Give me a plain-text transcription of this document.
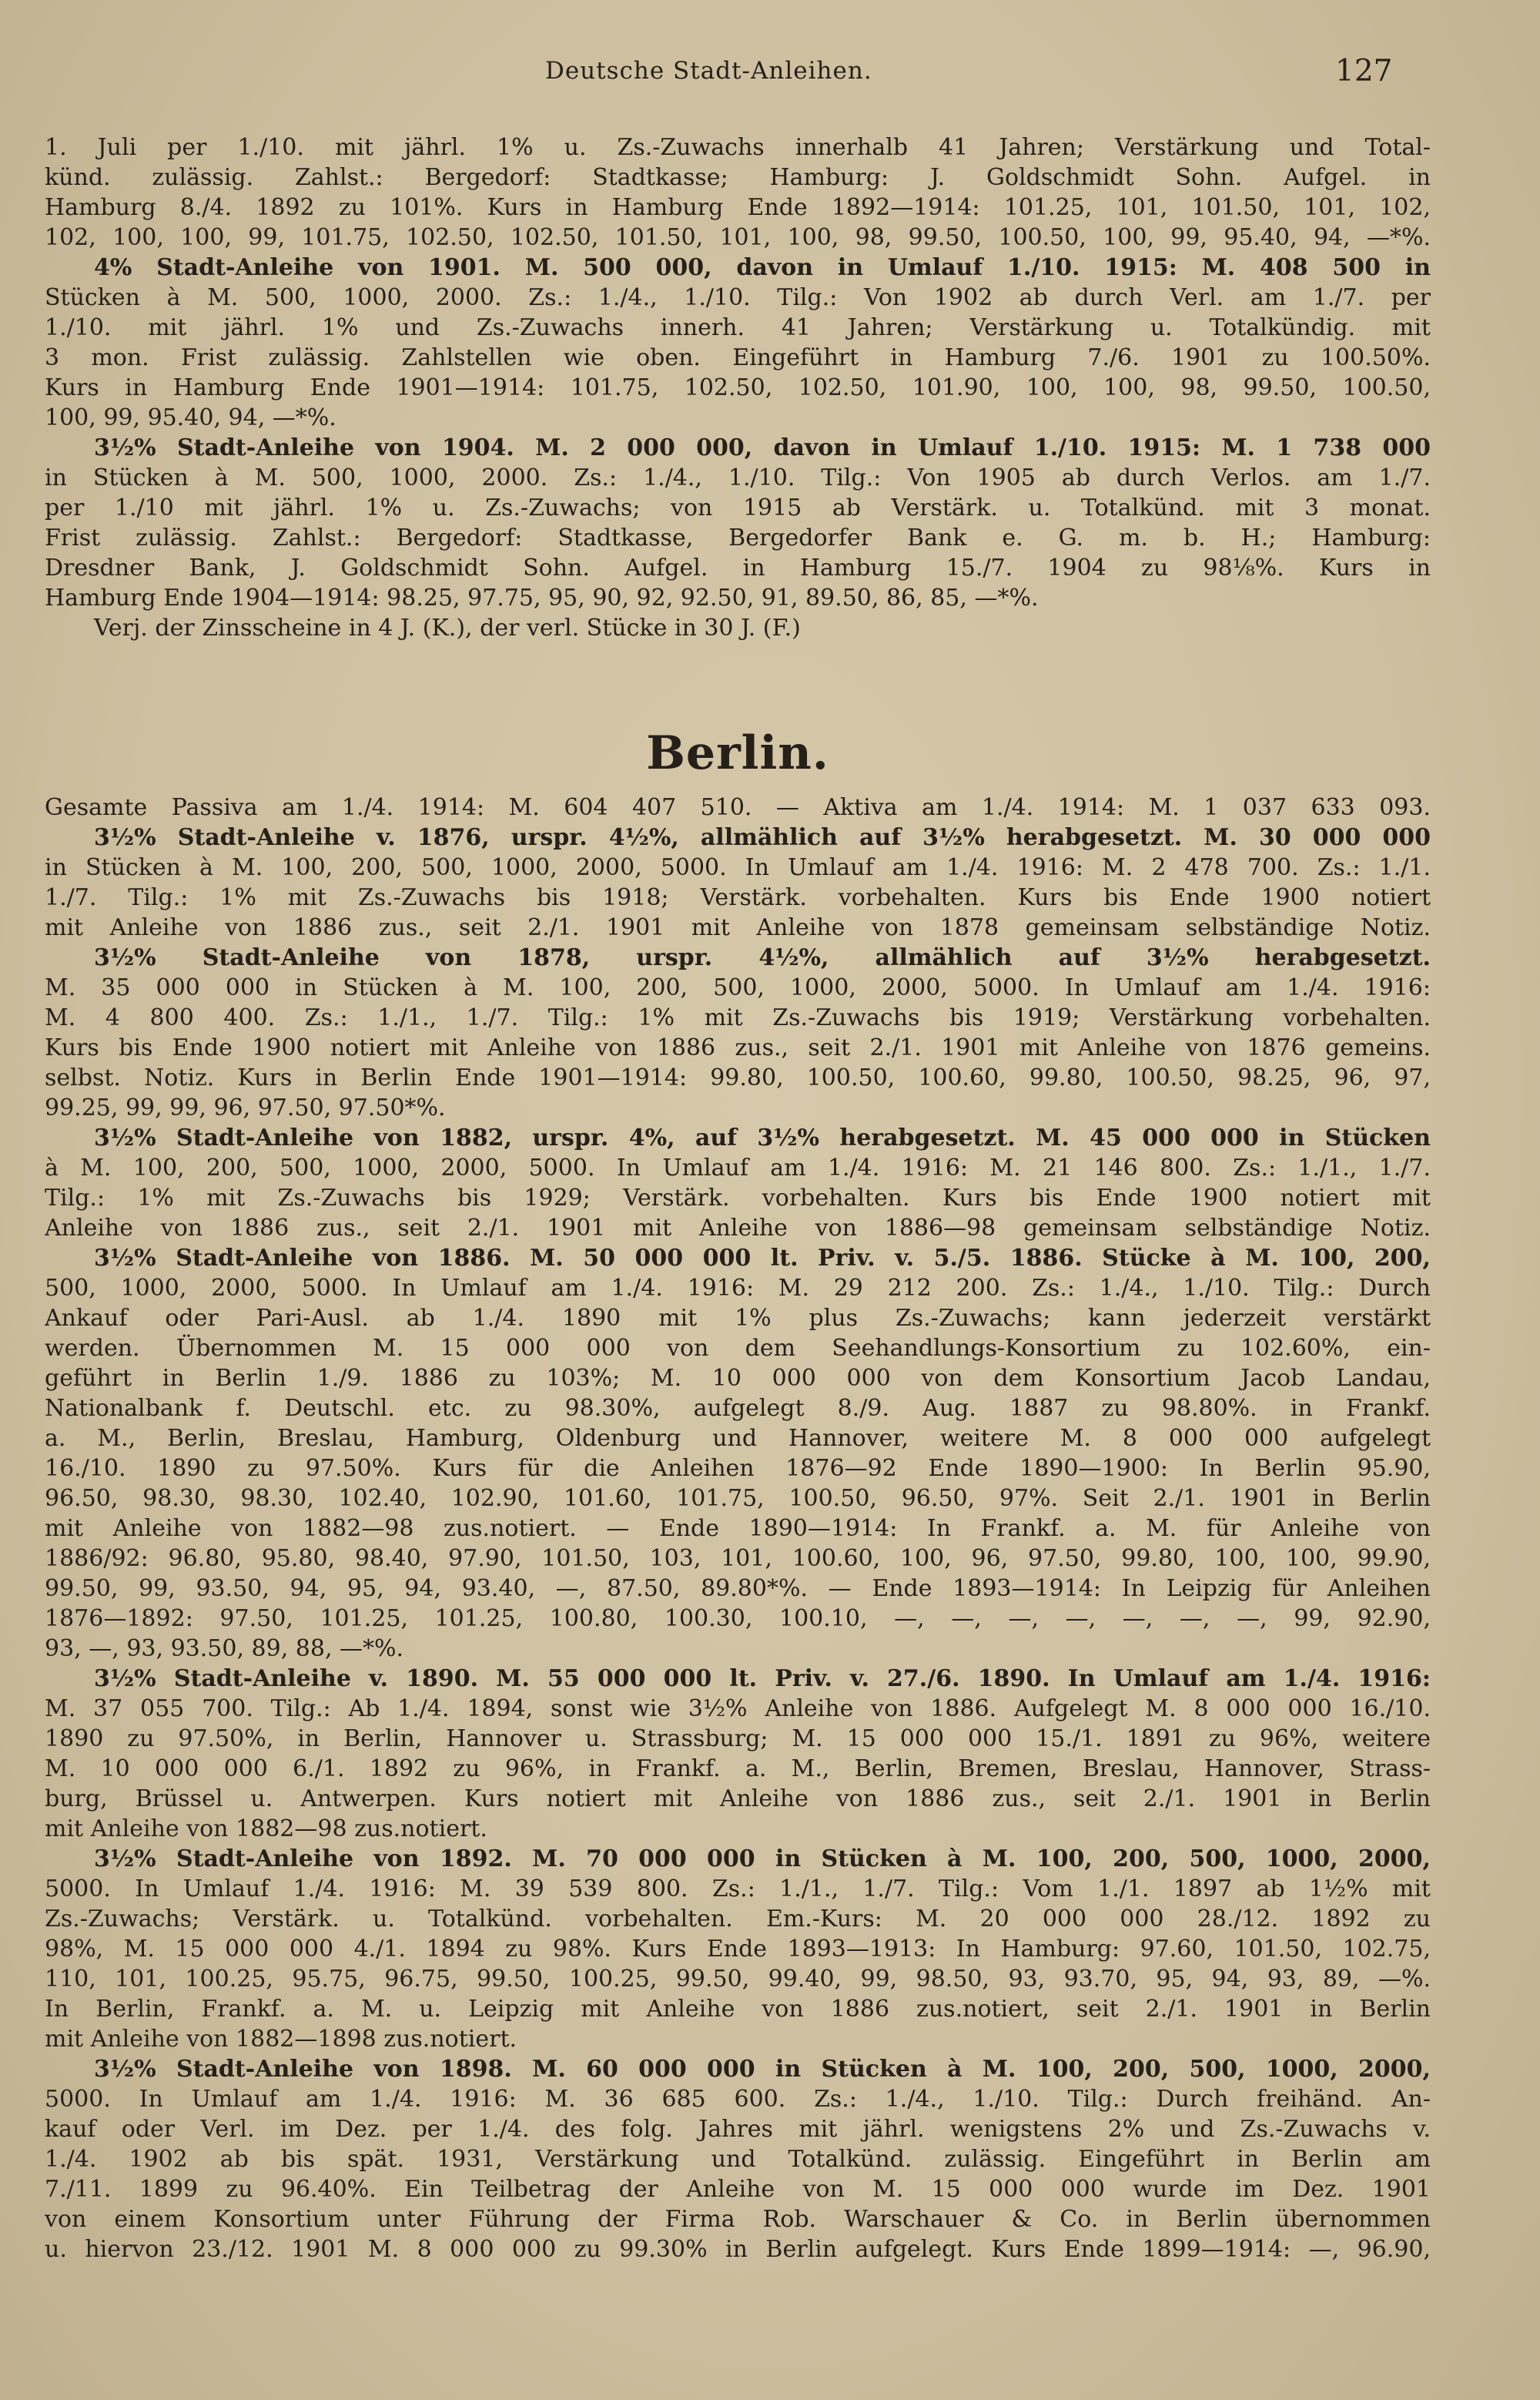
Deutsche Stadt-Anleihen.	127
1. Juli per 1./10. mit jährl. 1% u. Zs.-Zuwachs innerhalb 41 Jahren; Verstärkung und Total-
künd. zulässig. Zahlst.: Bergedorf: Stadtkasse; Hamburg: J. Goldschmidt Sohn. Aufgel. in
Hamburg 8./4. 1892 zu 101%. Kurs in Hamburg Ende 1892—1914: 101.25, 101, 101.50, 101, 102,
102, 100, 100, 99, 101.75, 102.50, 102.50, 101.50, 101, 100, 98, 99.50, 100.50, 100, 99, 95.40, 94, —*%.
4% Stadt-Anleihe von 1901. M. 500 000, davon in Umlauf 1./10. 1915: M. 408 500 in
Stücken à M. 500, 1000, 2000. Zs.: 1./4., 1./10. Tilg.: Von 1902 ab durch Verl. am 1./7. per
1./10. mit jährl. 1% und Zs.-Zuwachs innerh. 41 Jahren; Verstärkung u. Totalkündig. mit
3 mon. Frist zulässig. Zahlstellen wie oben. Eingeführt in Hamburg 7./6. 1901 zu 100.50%.
Kurs in Hamburg Ende 1901—1914: 101.75, 102.50, 102.50, 101.90, 100, 100, 98, 99.50, 100.50,
100, 99, 95.40, 94, —*%.
3½% Stadt-Anleihe von 1904. M. 2 000 000, davon in Umlauf 1./10. 1915: M. 1 738 000
in Stücken à M. 500, 1000, 2000. Zs.: 1./4., 1./10. Tilg.: Von 1905 ab durch Verlos. am 1./7.
per 1./10 mit jährl. 1% u. Zs.-Zuwachs; von 1915 ab Verstärk. u. Totalkünd. mit 3 monat.
Frist zulässig. Zahlst.: Bergedorf: Stadtkasse, Bergedorfer Bank e. G. m. b. H.; Hamburg:
Dresdner Bank, J. Goldschmidt Sohn. Aufgel. in Hamburg 15./7. 1904 zu 98⅛%. Kurs in
Hamburg Ende 1904—1914: 98.25, 97.75, 95, 90, 92, 92.50, 91, 89.50, 86, 85, —*%.
Verj. der Zinsscheine in 4 J. (K.), der verl. Stücke in 30 J. (F.)
Berlin.
Gesamte Passiva am 1./4. 1914: M. 604 407 510. — Aktiva am 1./4. 1914: M. 1 037 633 093.
3½% Stadt-Anleihe v. 1876, urspr. 4½%, allmählich auf 3½% herabgesetzt. M. 30 000 000
in Stücken à M. 100, 200, 500, 1000, 2000, 5000. In Umlauf am 1./4. 1916: M. 2 478 700. Zs.: 1./1.
1./7. Tilg.: 1% mit Zs.-Zuwachs bis 1918; Verstärk. vorbehalten. Kurs bis Ende 1900 notiert
mit Anleihe von 1886 zus., seit 2./1. 1901 mit Anleihe von 1878 gemeinsam selbständige Notiz.
3½% Stadt-Anleihe von 1878, urspr. 4½%, allmählich auf 3½% herabgesetzt.
M. 35 000 000 in Stücken à M. 100, 200, 500, 1000, 2000, 5000. In Umlauf am 1./4. 1916:
M. 4 800 400. Zs.: 1./1., 1./7. Tilg.: 1% mit Zs.-Zuwachs bis 1919; Verstärkung vorbehalten.
Kurs bis Ende 1900 notiert mit Anleihe von 1886 zus., seit 2./1. 1901 mit Anleihe von 1876 gemeins.
selbst. Notiz. Kurs in Berlin Ende 1901—1914: 99.80, 100.50, 100.60, 99.80, 100.50, 98.25, 96, 97,
99.25, 99, 99, 96, 97.50, 97.50*%.
3½% Stadt-Anleihe von 1882, urspr. 4%, auf 3½% herabgesetzt. M. 45 000 000 in Stücken
à M. 100, 200, 500, 1000, 2000, 5000. In Umlauf am 1./4. 1916: M. 21 146 800. Zs.: 1./1., 1./7.
Tilg.: 1% mit Zs.-Zuwachs bis 1929; Verstärk. vorbehalten. Kurs bis Ende 1900 notiert mit
Anleihe von 1886 zus., seit 2./1. 1901 mit Anleihe von 1886—98 gemeinsam selbständige Notiz.
3½% Stadt-Anleihe von 1886. M. 50 000 000 lt. Priv. v. 5./5. 1886. Stücke à M. 100, 200,
500, 1000, 2000, 5000. In Umlauf am 1./4. 1916: M. 29 212 200. Zs.: 1./4., 1./10. Tilg.: Durch
Ankauf oder Pari-Ausl. ab 1./4. 1890 mit 1% plus Zs.-Zuwachs; kann jederzeit verstärkt
werden. Übernommen M. 15 000 000 von dem Seehandlungs-Konsortium zu 102.60%, ein-
geführt in Berlin 1./9. 1886 zu 103%; M. 10 000 000 von dem Konsortium Jacob Landau,
Nationalbank f. Deutschl. etc. zu 98.30%, aufgelegt 8./9. Aug. 1887 zu 98.80%. in Frankf.
a. M., Berlin, Breslau, Hamburg, Oldenburg und Hannover, weitere M. 8 000 000 aufgelegt
16./10. 1890 zu 97.50%. Kurs für die Anleihen 1876—92 Ende 1890—1900: In Berlin 95.90,
96.50, 98.30, 98.30, 102.40, 102.90, 101.60, 101.75, 100.50, 96.50, 97%. Seit 2./1. 1901 in Berlin
mit Anleihe von 1882—98 zus.notiert. — Ende 1890—1914: In Frankf. a. M. für Anleihe von
1886/92: 96.80, 95.80, 98.40, 97.90, 101.50, 103, 101, 100.60, 100, 96, 97.50, 99.80, 100, 100, 99.90,
99.50, 99, 93.50, 94, 95, 94, 93.40, —, 87.50, 89.80*%. — Ende 1893—1914: In Leipzig für Anleihen
1876—1892: 97.50, 101.25, 101.25, 100.80, 100.30, 100.10, —, —, —, —, —, —, —, 99, 92.90,
93, —, 93, 93.50, 89, 88, —*%.
3½% Stadt-Anleihe v. 1890. M. 55 000 000 lt. Priv. v. 27./6. 1890. In Umlauf am 1./4. 1916:
M. 37 055 700. Tilg.: Ab 1./4. 1894, sonst wie 3½% Anleihe von 1886. Aufgelegt M. 8 000 000 16./10.
1890 zu 97.50%, in Berlin, Hannover u. Strassburg; M. 15 000 000 15./1. 1891 zu 96%, weitere
M. 10 000 000 6./1. 1892 zu 96%, in Frankf. a. M., Berlin, Bremen, Breslau, Hannover, Strass-
burg, Brüssel u. Antwerpen. Kurs notiert mit Anleihe von 1886 zus., seit 2./1. 1901 in Berlin
mit Anleihe von 1882—98 zus.notiert.
3½% Stadt-Anleihe von 1892. M. 70 000 000 in Stücken à M. 100, 200, 500, 1000, 2000,
5000. In Umlauf 1./4. 1916: M. 39 539 800. Zs.: 1./1., 1./7. Tilg.: Vom 1./1. 1897 ab 1½% mit
Zs.-Zuwachs; Verstärk. u. Totalkünd. vorbehalten. Em.-Kurs: M. 20 000 000 28./12. 1892 zu
98%, M. 15 000 000 4./1. 1894 zu 98%. Kurs Ende 1893—1913: In Hamburg: 97.60, 101.50, 102.75,
110, 101, 100.25, 95.75, 96.75, 99.50, 100.25, 99.50, 99.40, 99, 98.50, 93, 93.70, 95, 94, 93, 89, —%.
In Berlin, Frankf. a. M. u. Leipzig mit Anleihe von 1886 zus.notiert, seit 2./1. 1901 in Berlin
mit Anleihe von 1882—1898 zus.notiert.
3½% Stadt-Anleihe von 1898. M. 60 000 000 in Stücken à M. 100, 200, 500, 1000, 2000,
5000. In Umlauf am 1./4. 1916: M. 36 685 600. Zs.: 1./4., 1./10. Tilg.: Durch freihänd. An-
kauf oder Verl. im Dez. per 1./4. des folg. Jahres mit jährl. wenigstens 2% und Zs.-Zuwachs v.
1./4. 1902 ab bis spät. 1931, Verstärkung und Totalkünd. zulässig. Eingeführt in Berlin am
7./11. 1899 zu 96.40%. Ein Teilbetrag der Anleihe von M. 15 000 000 wurde im Dez. 1901
von einem Konsortium unter Führung der Firma Rob. Warschauer & Co. in Berlin übernommen
u. hiervon 23./12. 1901 M. 8 000 000 zu 99.30% in Berlin aufgelegt. Kurs Ende 1899—1914: —, 96.90,
